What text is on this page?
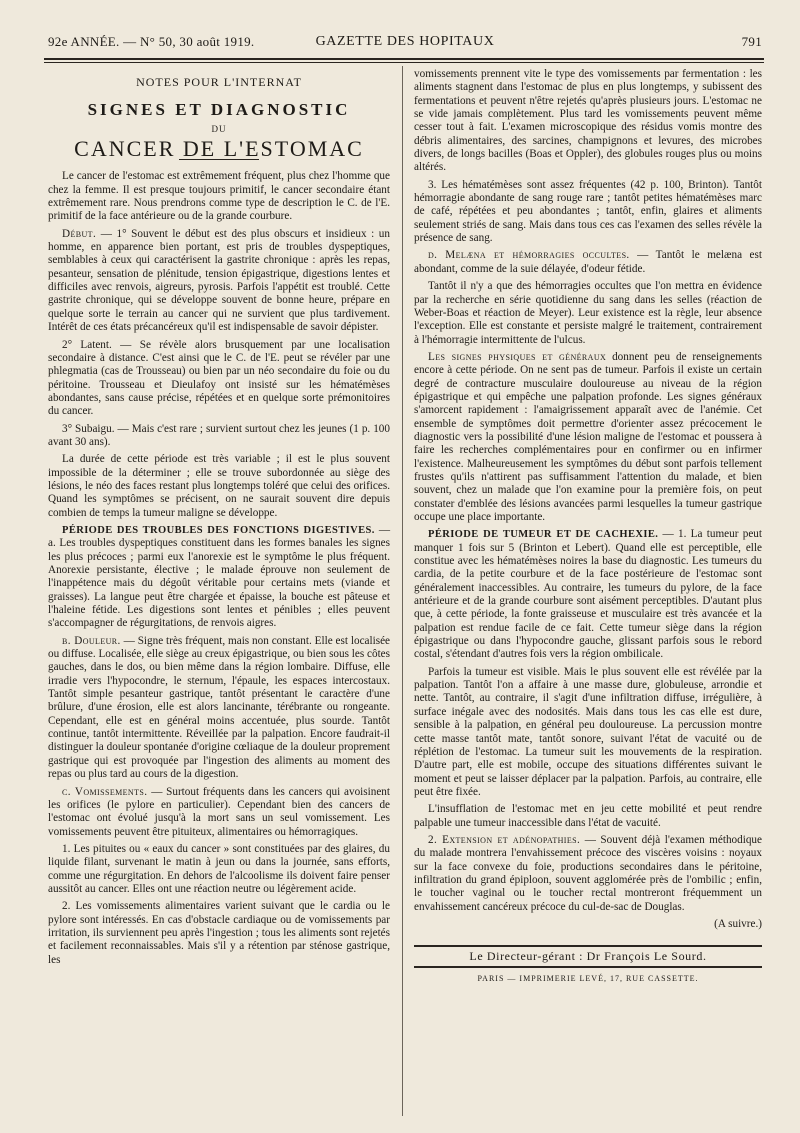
92e ANNÉE. — N° 50, 30 août 1919.	GAZETTE DES HOPITAUX	791
NOTES POUR L'INTERNAT
SIGNES ET DIAGNOSTIC
DU
CANCER DE L'ESTOMAC

Le cancer de l'estomac est extrêmement fréquent, plus chez l'homme que chez la femme. Il est presque toujours primitif, le cancer secondaire étant extrêmement rare. Nous prendrons comme type de description le C. de l'E. primitif de la face antérieure ou de la grande courbure.

Début. — 1° Souvent le début est des plus obscurs et insidieux : un homme, en apparence bien portant, est pris de troubles dyspeptiques, semblables à ceux qui caractérisent la gastrite chronique : après les repas, pesanteur, sensation de plénitude, tension épigastrique, digestions lentes et difficiles avec renvois, aigreurs, pyrosis. Parfois l'appétit est troublé. Cette gastrite chronique, qui se développe souvent de bonne heure, prépare en quelque sorte le terrain au cancer qui ne survient que plus tardivement. Intérêt de ces états précancéreux qu'il est indispensable de savoir dépister.

2° Latent. — Se révèle alors brusquement par une localisation secondaire à distance. C'est ainsi que le C. de l'E. peut se révéler par une phlegmatia (cas de Trousseau) ou bien par un néo secondaire du foie ou du péritoine. Trousseau et Dieulafoy ont insisté sur les hématémèses abondantes, sans cause précise, répétées et en quelque sorte prémonitoires du cancer.

3° Subaigu. — Mais c'est rare ; survient surtout chez les jeunes (1 p. 100 avant 30 ans).

La durée de cette période est très variable ; il est le plus souvent impossible de la déterminer ; elle se trouve subordonnée au siège des lésions, le néo des faces restant plus longtemps toléré que celui des orifices. Quand les symptômes se précisent, on ne saurait souvent dire depuis combien de temps la tumeur maligne se développe.

PÉRIODE DES TROUBLES DES FONCTIONS DIGESTIVES. — a. Les troubles dyspeptiques constituent dans les formes banales les signes les plus précoces ; parmi eux l'anorexie est le symptôme le plus fréquent. Anorexie persistante, élective ; le malade éprouve non seulement de l'inappétence mais du dégoût véritable pour certains mets (viande et graisses). La langue peut être chargée et épaisse, la bouche est pâteuse et l'haleine fétide. Les digestions sont lentes et pénibles ; elles peuvent s'accompagner de régurgitations, de renvois aigres.

b. Douleur. — Signe très fréquent, mais non constant. Elle est localisée ou diffuse. Localisée, elle siège au creux épigastrique, ou bien sous les côtes gauches, dans le dos, ou bien même dans la région lombaire. Diffuse, elle irradie vers l'hypocondre, le sternum, l'épaule, les espaces intercostaux. Tantôt simple pesanteur gastrique, tantôt présentant le caractère d'une brûlure, d'une érosion, elle est alors lancinante, térébrante ou rongeante. Cependant, elle est en général moins accentuée, plus sourde. Tantôt continue, tantôt intermittente. Réveillée par la palpation. Encore faudrait-il distinguer la douleur spontanée d'origine cœliaque de la douleur proprement gastrique qui est provoquée par l'ingestion des aliments au moment des repas ou plus tard au cours de la digestion.

c. Vomissements. — Surtout fréquents dans les cancers qui avoisinent les orifices (le pylore en particulier). Cependant bien des cancers de l'estomac ont évolué jusqu'à la mort sans un seul vomissement. Les vomissements peuvent être pituiteux, alimentaires ou hémorragiques.

1. Les pituites ou « eaux du cancer » sont constituées par des glaires, du liquide filant, survenant le matin à jeun ou dans la journée, sans efforts, comme une régurgitation. En dehors de l'alcoolisme ils doivent faire penser aussitôt au cancer. Elles ont une réaction neutre ou légèrement acide.

2. Les vomissements alimentaires varient suivant que le cardia ou le pylore sont intéressés. En cas d'obstacle cardiaque ou de vomissements par irritation, ils surviennent peu après l'ingestion ; tous les aliments sont rejetés et facilement reconnaissables. Mais s'il y a rétention par sténose gastrique, les

vomissements prennent vite le type des vomissements par fermentation : les aliments stagnent dans l'estomac de plus en plus longtemps, y subissent des fermentations et peuvent n'être rejetés qu'après plusieurs jours. L'estomac ne se vide jamais complètement. Plus tard les vomissements peuvent même cesser tout à fait. L'examen microscopique des résidus vomis montre des débris alimentaires, des sarcines, champignons et levures, des microbes divers, de longs bacilles (Boas et Oppler), des globules rouges plus ou moins altérés.

3. Les hématémèses sont assez fréquentes (42 p. 100, Brinton). Tantôt hémorragie abondante de sang rouge rare ; tantôt petites hématémèses marc de café, répétées et peu abondantes ; tantôt, enfin, glaires et aliments seulement striés de sang. Mais dans tous ces cas l'examen des selles révèle la présence de sang.

d. Melæna et hémorragies occultes. — Tantôt le melæna est abondant, comme de la suie délayée, d'odeur fétide.

Tantôt il n'y a que des hémorragies occultes que l'on mettra en évidence par la recherche en série quotidienne du sang dans les selles (réaction de Weber-Boas et réaction de Meyer). Leur existence est la règle, leur absence l'exception. Elle est constante et persiste malgré le traitement, contrairement à l'hémorragie intermittente de l'ulcus.

Les signes physiques et généraux donnent peu de renseignements encore à cette période. On ne sent pas de tumeur. Parfois il existe un certain degré de contracture musculaire douloureuse au niveau de la région épigastrique et qui empêche une palpation profonde. Les signes généraux s'amorcent rapidement : l'amaigrissement apparaît avec de l'anémie. Cet ensemble de symptômes doit permettre d'orienter assez précocement le diagnostic vers la possibilité d'une lésion maligne de l'estomac et poussera à faire les recherches complémentaires pour en confirmer ou en infirmer l'existence. Malheureusement les symptômes du début sont parfois tellement frustes qu'ils n'attirent pas suffisamment l'attention du malade, et bien souvent, chez un malade que l'on examine pour la première fois, on peut constater d'emblée des lésions avancées parmi lesquelles la tumeur gastrique occupe une place importante.

PÉRIODE DE TUMEUR ET DE CACHEXIE. — 1. La tumeur peut manquer 1 fois sur 5 (Brinton et Lebert). Quand elle est perceptible, elle constitue avec les hématémèses noires la base du diagnostic. Les tumeurs du cardia, de la petite courbure et de la face postérieure de l'estomac sont généralement inaccessibles. Au contraire, les tumeurs du pylore, de la face antérieure et de la grande courbure sont aisément perceptibles. D'autant plus que, à cette période, la fonte graisseuse et musculaire est très avancée et la palpation est rendue facile de ce fait. Cette tumeur siège dans la région épigastrique ou dans l'hypocondre gauche, glissant parfois sous le rebord costal, s'étendant d'autres fois vers la région ombilicale.

Parfois la tumeur est visible. Mais le plus souvent elle est révélée par la palpation. Tantôt l'on a affaire à une masse dure, globuleuse, arrondie et nette. Tantôt, au contraire, il s'agit d'une infiltration diffuse, irrégulière, à surface inégale avec des nodosités. Mais dans tous les cas elle est dure, sensible à la palpation, en général peu douloureuse. La percussion montre cette masse tantôt mate, tantôt sonore, suivant l'état de vacuité ou de réplétion de l'estomac. La tumeur suit les mouvements de la respiration. D'autre part, elle est mobile, occupe des situations différentes suivant le moment et peut se laisser déplacer par la palpation. Parfois, au contraire, elle peut être fixée.

L'insufflation de l'estomac met en jeu cette mobilité et peut rendre palpable une tumeur inaccessible dans l'état de vacuité.

2. Extension et adénopathies. — Souvent déjà l'examen méthodique du malade montrera l'envahissement précoce des viscères voisins : noyaux sur la face convexe du foie, productions secondaires dans le péritoine, infiltration du grand épiploon, souvent agglomérée près de l'ombilic ; enfin, le toucher vaginal ou le toucher rectal montreront fréquemment un envahissement cancéreux précoce du cul-de-sac de Douglas.

(A suivre.)
Le Directeur-gérant : Dr François Le Sourd.
PARIS — IMPRIMERIE LEVÉ, 17, RUE CASSETTE.
